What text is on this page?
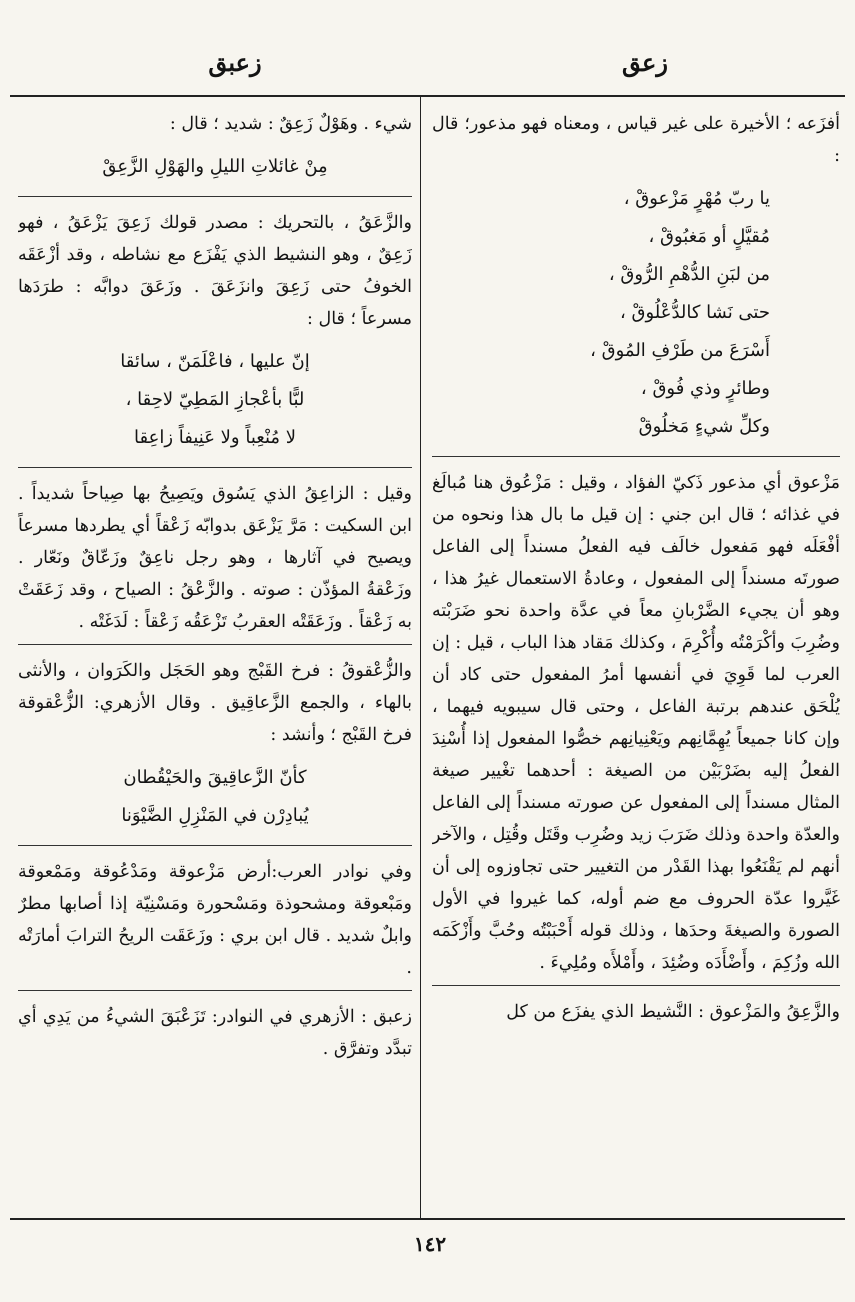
زعق
زعبق

أفزَعه ؛ الأخيرة على غير قياس ، ومعناه فهو مذعور؛ قال :

يا ربّ مُهْرٍ مَزْعوقْ ،
مُقيَّلٍ أو مَغبُوقْ ،
من لبَنِ الدُّهْمِ الرُّوقْ ،
حتى نَشا كالدُّعْلُوقْ ،
أَسْرَعَ من طَرْفِ المُوقْ ،
وطائرٍ وذي فُوقْ ،
وكلِّ شيءٍ مَخلُوقْ

مَزْعوق أي مذعور ذَكيّ الفؤاد ، وقيل : مَزْعُوق هنا مُبالَغ في غذائه ؛ قال ابن جني : إن قيل ما بال هذا ونحوه من أفْعَلَه فهو مَفعول خالَف فيه الفعلُ مسنداً إلى الفاعل صورتَه مسنداً إلى المفعول ، وعادةُ الاستعمال غيرُ هذا ، وهو أن يجيء الضَّرْبانِ معاً في عدَّة واحدة نحو ضَرَبْته وضُرِبَ وأكْرَمْتُه وأُكْرِمَ ، وكذلك مَقاد هذا الباب ، قيل : إن العرب لما قَوِيَ في أنفسها أمرُ المفعول حتى كاد أن يُلْحَق عندهم برتبة الفاعل ، وحتى قال سيبويه فيهما ، وإن كانا جميعاً يُهِمَّانِهم ويَعْنِيانِهم خصُّوا المفعول إذا أُسْنِدَ الفعلُ إليه بضَرْبَيْن من الصيغة : أحدهما تغْيير صيغة المثال مسنداً إلى المفعول عن صورته مسنداً إلى الفاعل والعدّة واحدة وذلك ضَرَبَ زيد وضُرِب وقَتَل وقُتِل ، والآخر أنهم لم يَقْنَعُوا بهذا القَدْر من التغيير حتى تجاوزوه إلى أن غَيَّروا عدّة الحروف مع ضم أوله، كما غيروا في الأول الصورة والصيغةَ وحدَها ، وذلك قوله أَحْبَبْتُه وحُبَّ وأَزْكَمَه الله وزُكِمَ ، وأَضْأَدَه وضُئِدَ ، وأَمْلأَه ومُلِيءَ .

والزَّعِقُ والمَزْعوق : النَّشيط الذي يفزَع من كل

شيء . وهَوْلٌ زَعِقٌ : شديد ؛ قال :

مِنْ غائلاتِ الليلِ والهَوْلِ الزَّعِقْ

والزَّعَقُ ، بالتحريك : مصدر قولك زَعِقَ يَزْعَقُ ، فهو زَعِقٌ ، وهو النشيط الذي يَفْزَع مع نشاطه ، وقد أزْعَقَه الخوفُ حتى زَعِقَ وانزَعَقَ . وزَعَقَ دوابَّه : طرَدَها مسرعاً ؛ قال :

إنّ عليها ، فاعْلَمَنّ ، سائقا
لبًّا بأعْجازِ المَطِيّ لاحِقا ،
لا مُنْعِباً ولا عَنِيفاً زاعِقا

وقيل : الزاعِقُ الذي يَسُوق ويَصِيحُ بها صِياحاً شديداً . ابن السكيت : مَرَّ يَزْعَق بدوابّه زَعْقاً أي يطردها مسرعاً ويصيح في آثارها ، وهو رجل ناعِقٌ وزَعّاقٌ ونَعّار . وزَعْقةُ المؤذّن : صوته . والزَّعْقُ : الصياح ، وقد زَعَقَتْ به زَعْقاً . وزَعَقَتْه العقربُ تَزْعَقُه زَعْقاً : لَدَغَتْه .

والزُّعْقوقُ : فرخ القَبْج وهو الحَجَل والكَرَوان ، والأنثى بالهاء ، والجمع الزَّعاقِيق . وقال الأزهري: الزُّعْقوقة فرخ القَبْج ؛ وأنشد :

كأنّ الزَّعاقِيقَ والحَيْقُطان
يُبادِرْن في المَنْزِلِ الضَّيْوَنا

وفي نوادر العرب:أرض مَزْعوقة ومَدْعُوقة ومَمْعوقة ومَبْعوقة ومشحوذة ومَسْحورة ومَسْنِيّة إذا أصابها مطرٌ وابلٌ شديد . قال ابن بري : وزَعَقَت الريحُ الترابَ أمارَتْه .

زعبق : الأزهري في النوادر: تَزَعْبَقَ الشيءُ من يَدِي أي تبدَّد وتفرَّق .

١٤٢
